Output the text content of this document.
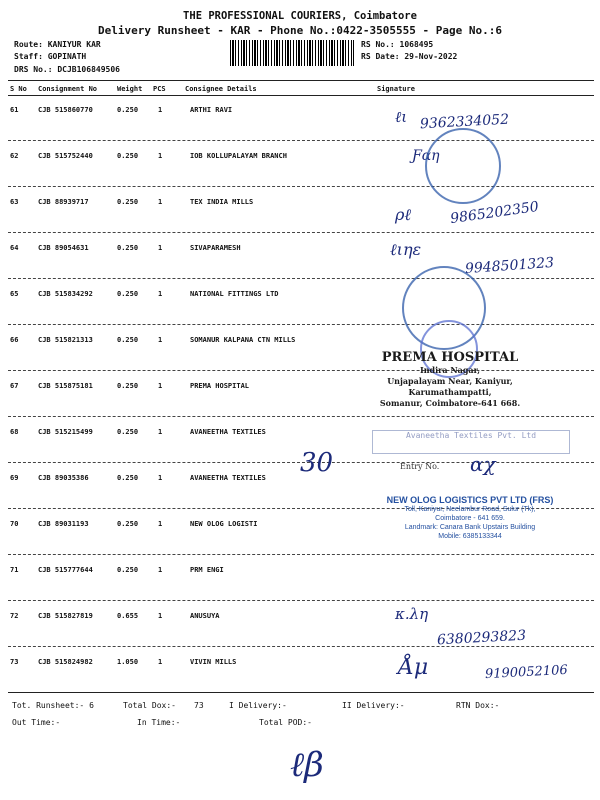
THE PROFESSIONAL COURIERS, Coimbatore
Delivery Runsheet - KAR - Phone No.:0422-3505555 - Page No.:6
Route: KANIYUR KAR
Staff: GOPINATH
DRS No.: DCJB106849506
RS No.: 1068495
RS Date: 29-Nov-2022
S No Consignment No	Weight PCS	Consignee Details	Signature
61	CJB 515860770	0.250	1	ARTHI RAVI
62	CJB 515752440	0.250	1	IOB KOLLUPALAYAM BRANCH
63	CJB 88939717	0.250	1	TEX INDIA MILLS
64	CJB 89054631	0.250	1	SIVAPARAMESH
65	CJB 515834292	0.250	1	NATIONAL FITTINGS LTD
66	CJB 515821313	0.250	1	SOMANUR KALPANA CTN MILLS
67	CJB 515875181	0.250	1	PREMA HOSPITAL
68	CJB 515215499	0.250	1	AVANEETHA TEXTILES
69	CJB 89035386	0.250	1	AVANEETHA TEXTILES
70	CJB 89031193	0.250	1	NEW OLOG LOGISTI
71	CJB 515777644	0.250	1	PRM ENGI
72	CJB 515827819	0.655	1	ANUSUYA
73	CJB 515824982	1.050	1	VIVIN MILLS
ℓι 9362334052
Ƒαη
ρℓ	9865202350
ℓιηε
9948501323
30	Entry No. αχ
κ.λη
6380293823
Åμ	9190052106
PREMA HOSPITAL
Indira Nagar,
Unjapalayam Near, Kaniyur,
Karumathampatti,
Somanur, Coimbatore-641 668.
Avaneetha Textiles Pvt. Ltd
NEW OLOG LOGISTICS PVT LTD (FRS)
Toll, Kaniyur, Neelambur Road, Sulur (Tk),
Coimbatore - 641 659.
Landmark: Canara Bank Upstairs Building
Mobile: 6385133344
Tot. Runsheet:- 6	Total Dox:- 73	I Delivery:-	II Delivery:-	RTN Dox:-
Out Time:-	In Time:-	Total POD:-
ℓβ
